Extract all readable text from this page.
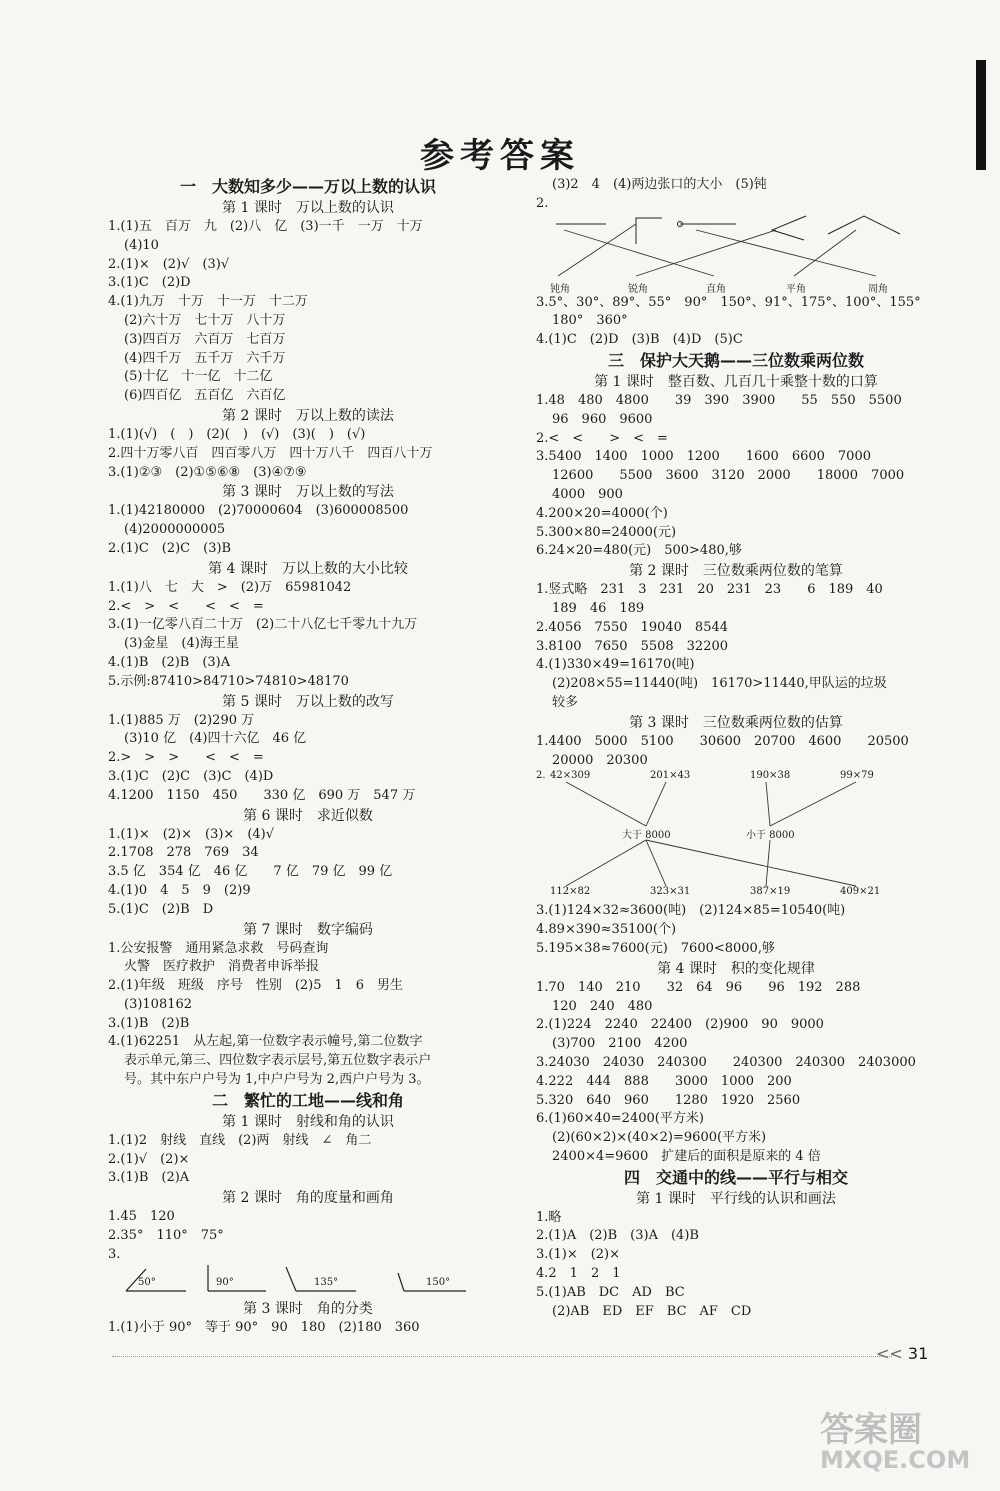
参考答案
一　大数知多少——万以上数的认识
第 1 课时　万以上数的认识
1.(1)五　百万　九　(2)八　亿　(3)一千　一万　十万
(4)10
2.(1)×　(2)√　(3)√
3.(1)C　(2)D
4.(1)九万　十万　十一万　十二万
(2)六十万　七十万　八十万
(3)四百万　六百万　七百万
(4)四千万　五千万　六千万
(5)十亿　十一亿　十二亿
(6)四百亿　五百亿　六百亿
第 2 课时　万以上数的读法
1.(1)(√)　(　)　(2)(　)　(√)　(3)(　)　(√)
2.四十万零八百　四百零八万　四十万八千　四百八十万
3.(1)②③　(2)①⑤⑥⑧　(3)④⑦⑨
第 3 课时　万以上数的写法
1.(1)42180000　(2)70000604　(3)600008500
(4)2000000005
2.(1)C　(2)C　(3)B
第 4 课时　万以上数的大小比较
1.(1)八　七　大　>　(2)万　65981042
2.<　>　<　　<　<　=
3.(1)一亿零八百二十万　(2)二十八亿七千零九十九万
(3)金星　(4)海王星
4.(1)B　(2)B　(3)A
5.示例:87410>84710>74810>48170
第 5 课时　万以上数的改写
1.(1)885 万　(2)290 万
(3)10 亿　(4)四十六亿　46 亿
2.>　>　>　　<　<　=
3.(1)C　(2)C　(3)C　(4)D
4.1200　1150　450　　330 亿　690 万　547 万
第 6 课时　求近似数
1.(1)×　(2)×　(3)×　(4)√
2.1708　278　769　34
3.5 亿　354 亿　46 亿　　7 亿　79 亿　99 亿
4.(1)0　4　5　9　(2)9
5.(1)C　(2)B　D
第 7 课时　数字编码
1.公安报警　通用紧急求救　号码查询
火警　医疗救护　消费者申诉举报
2.(1)年级　班级　序号　性别　(2)5　1　6　男生
(3)108162
3.(1)B　(2)B
4.(1)62251　从左起,第一位数字表示幢号,第二位数字
表示单元,第三、四位数字表示层号,第五位数字表示户
号。其中东户户号为 1,中户户号为 2,西户户号为 3。
二　繁忙的工地——线和角
第 1 课时　射线和角的认识
1.(1)2　射线　直线　(2)两　射线　∠　角二
2.(1)√　(2)×
3.(1)B　(2)A
第 2 课时　角的度量和画角
1.45　120
2.35°　110°　75°
3.
50°	90°	135°	150°
第 3 课时　角的分类
1.(1)小于 90°　等于 90°　90　180　(2)180　360
(3)2　4　(4)两边张口的大小　(5)钝
2.
钝角	锐角	直角	平角	周角
3.5°、30°、89°、55°　90°　150°、91°、175°、100°、155°
180°　360°
4.(1)C　(2)D　(3)B　(4)D　(5)C
三　保护大天鹅——三位数乘两位数
第 1 课时　整百数、几百几十乘整十数的口算
1.48　480　4800　　39　390　3900　　55　550　5500
96　960　9600
2.<　<　　>　<　=
3.5400　1400　1000　1200　　1600　6600　7000
12600　　5500　3600　3120　2000　　18000　7000
4000　900
4.200×20=4000(个)
5.300×80=24000(元)
6.24×20=480(元)　500>480,够
第 2 课时　三位数乘两位数的笔算
1.竖式略　231　3　231　20　231　23　　6　189　40
189　46　189
2.4056　7550　19040　8544
3.8100　7650　5508　32200
4.(1)330×49=16170(吨)
(2)208×55=11440(吨)　16170>11440,甲队运的垃圾
较多
第 3 课时　三位数乘两位数的估算
1.4400　5000　5100　　30600　20700　4600　　20500
20000　20300
2. 42×309	201×43	190×38	99×79
大于 8000	小于 8000
112×82	323×31	387×19	409×21
3.(1)124×32≈3600(吨)　(2)124×85=10540(吨)
4.89×390≈35100(个)
5.195×38≈7600(元)　7600<8000,够
第 4 课时　积的变化规律
1.70　140　210　　32　64　96　　96　192　288
120　240　480
2.(1)224　2240　22400　(2)900　90　9000
(3)700　2100　4200
3.24030　24030　240300　　240300　240300　2403000
4.222　444　888　　3000　1000　200
5.320　640　960　　1280　1920　2560
6.(1)60×40=2400(平方米)
(2)(60×2)×(40×2)=9600(平方米)
2400×4=9600　扩建后的面积是原来的 4 倍
四　交通中的线——平行与相交
第 1 课时　平行线的认识和画法
1.略
2.(1)A　(2)B　(3)A　(4)B
3.(1)×　(2)×
4.2　1　2　1
5.(1)AB　DC　AD　BC
(2)AB　ED　EF　BC　AF　CD
<< 31
答案圈
MXQE.COM
